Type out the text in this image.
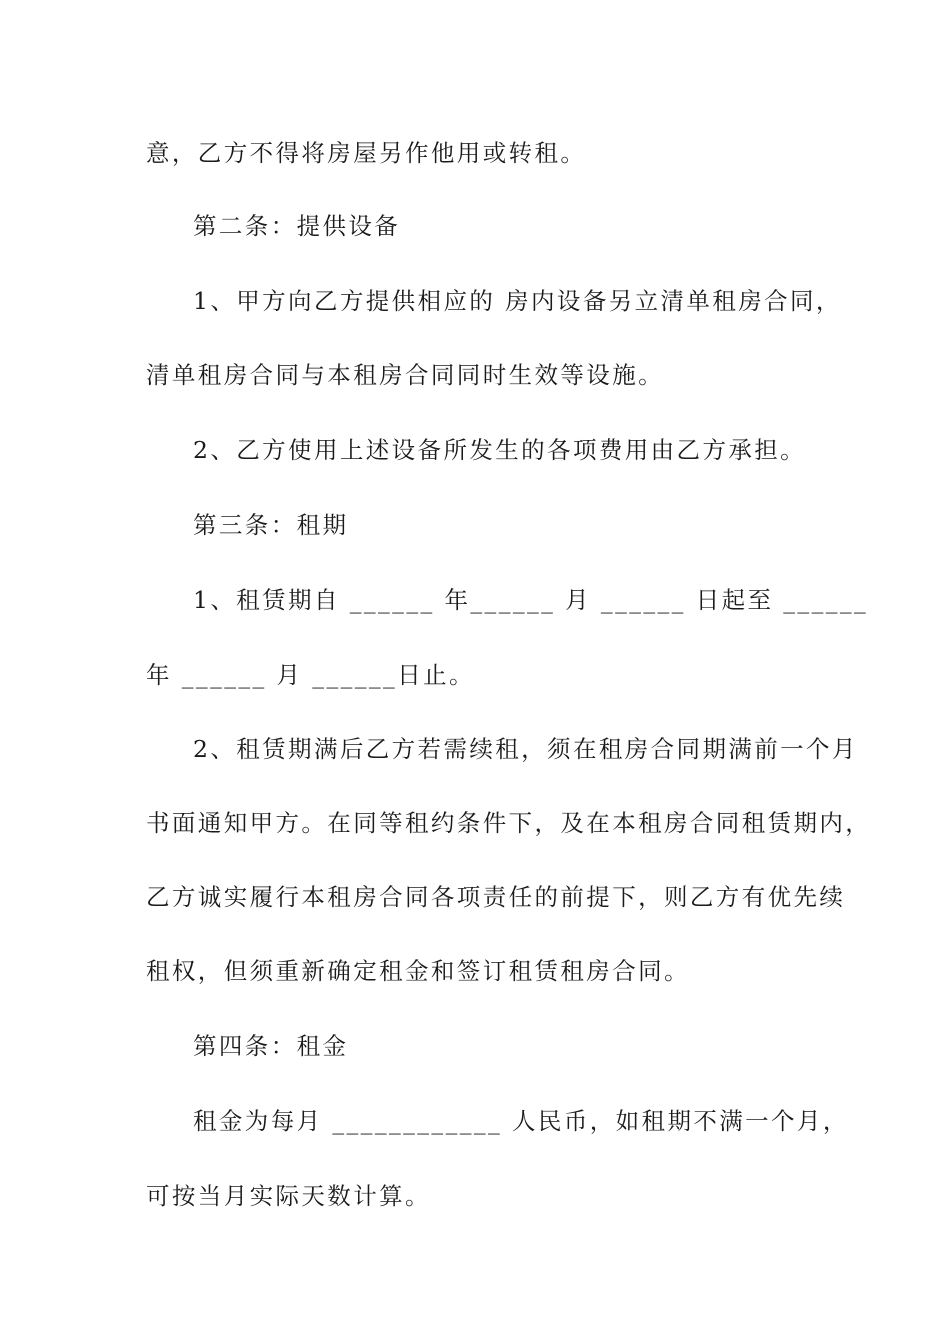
意，乙方不得将房屋另作他用或转租。
第二条：提供设备
1、甲方向乙方提供相应的 房内设备另立清单租房合同，
清单租房合同与本租房合同同时生效等设施。
2、乙方使用上述设备所发生的各项费用由乙方承担。
第三条：租期
1、租赁期自 ______ 年______ 月 ______ 日起至 ______
年 ______ 月 ______日止。
2、租赁期满后乙方若需续租，须在租房合同期满前一个月
书面通知甲方。在同等租约条件下，及在本租房合同租赁期内，
乙方诚实履行本租房合同各项责任的前提下，则乙方有优先续
租权，但须重新确定租金和签订租赁租房合同。
第四条：租金
租金为每月 ____________ 人民币，如租期不满一个月，
可按当月实际天数计算。
